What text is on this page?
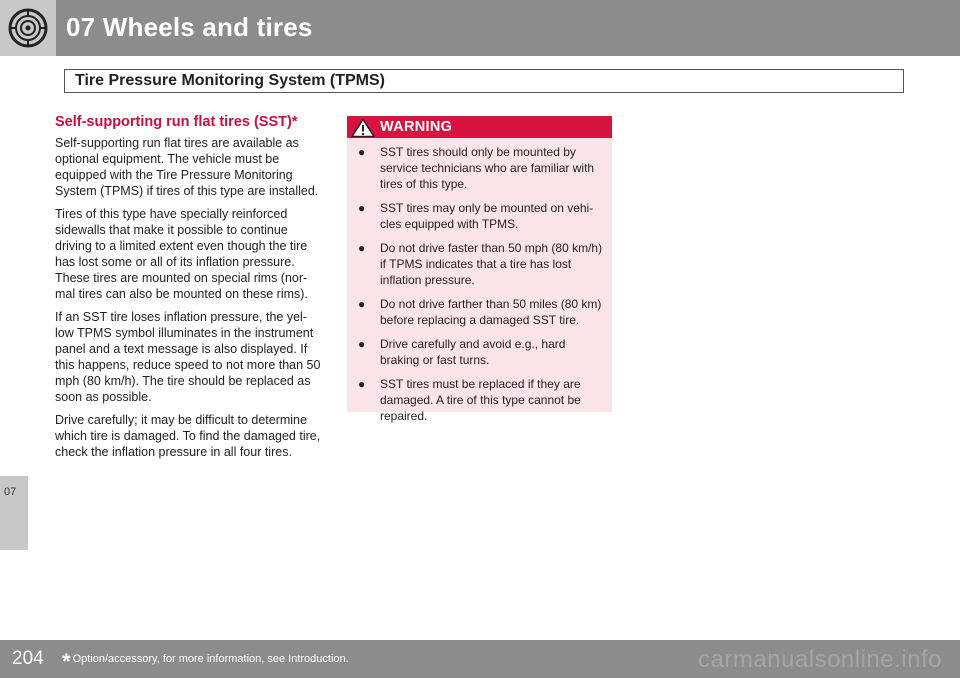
07 Wheels and tires
Tire Pressure Monitoring System (TPMS)
07
Self-supporting run flat tires (SST)*

Self-supporting run flat tires are available as optional equipment. The vehicle must be equipped with the Tire Pressure Monitoring System (TPMS) if tires of this type are installed.

Tires of this type have specially reinforced sidewalls that make it possible to continue driving to a limited extent even though the tire has lost some or all of its inflation pressure. These tires are mounted on special rims (nor-mal tires can also be mounted on these rims).

If an SST tire loses inflation pressure, the yel-low TPMS symbol illuminates in the instrument panel and a text message is also displayed. If this happens, reduce speed to not more than 50 mph (80 km/h). The tire should be replaced as soon as possible.

Drive carefully; it may be difficult to determine which tire is damaged. To find the damaged tire, check the inflation pressure in all four tires.

WARNING
● SST tires should only be mounted by service technicians who are familiar with tires of this type.
● SST tires may only be mounted on vehi-cles equipped with TPMS.
● Do not drive faster than 50 mph (80 km/h) if TPMS indicates that a tire has lost inflation pressure.
● Do not drive farther than 50 miles (80 km) before replacing a damaged SST tire.
● Drive carefully and avoid e.g., hard braking or fast turns.
● SST tires must be replaced if they are damaged. A tire of this type cannot be repaired.
204 * Option/accessory, for more information, see Introduction.	carmanualsonline.info
